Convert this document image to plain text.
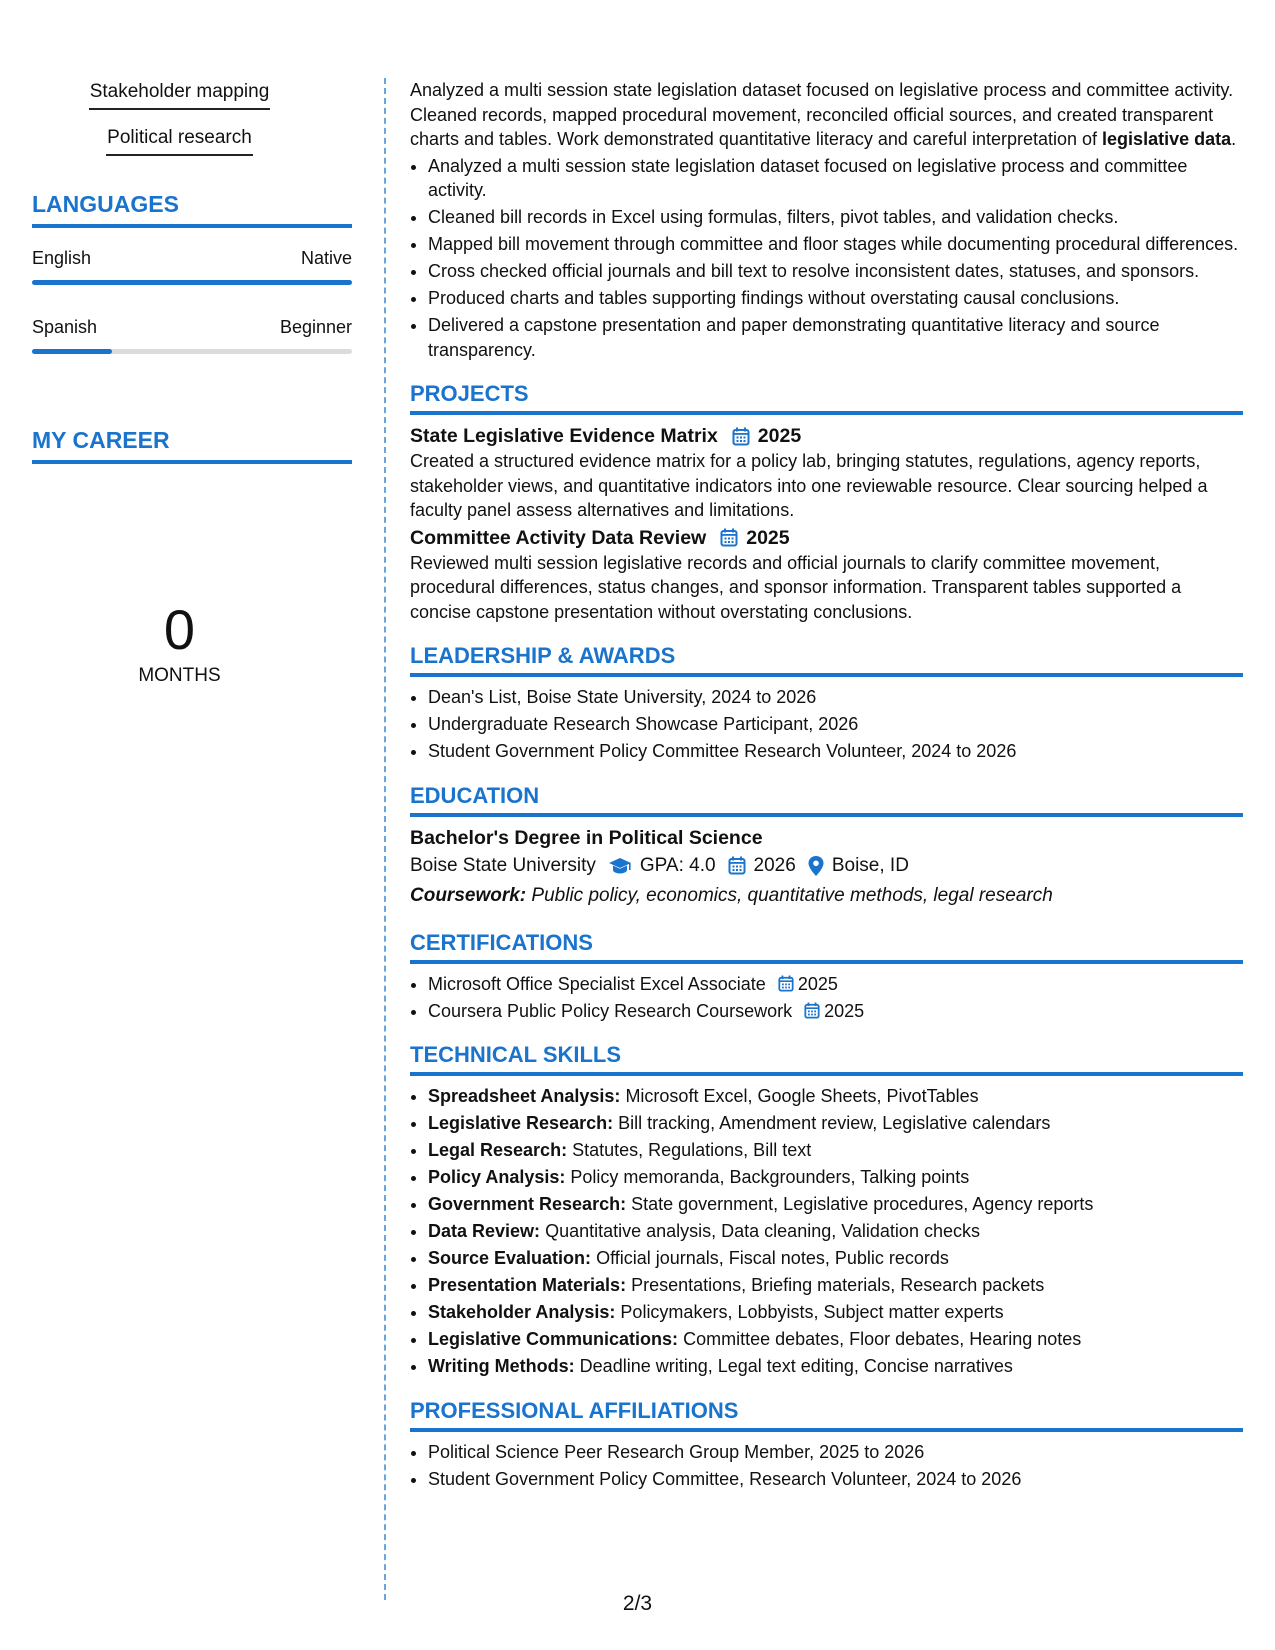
Stakeholder mapping
Political research
LANGUAGES
English	Native
Spanish	Beginner
MY CAREER
0
MONTHS

Analyzed a multi session state legislation dataset focused on legislative process and committee activity. Cleaned records, mapped procedural movement, reconciled official sources, and created transparent charts and tables. Work demonstrated quantitative literacy and careful interpretation of legislative data.

• Analyzed a multi session state legislation dataset focused on legislative process and committee activity.
• Cleaned bill records in Excel using formulas, filters, pivot tables, and validation checks.
• Mapped bill movement through committee and floor stages while documenting procedural differences.
• Cross checked official journals and bill text to resolve inconsistent dates, statuses, and sponsors.
• Produced charts and tables supporting findings without overstating causal conclusions.
• Delivered a capstone presentation and paper demonstrating quantitative literacy and source transparency.
PROJECTS
State Legislative Evidence Matrix 2025

Created a structured evidence matrix for a policy lab, bringing statutes, regulations, agency reports, stakeholder views, and quantitative indicators into one reviewable resource. Clear sourcing helped a faculty panel assess alternatives and limitations.

Committee Activity Data Review 2025

Reviewed multi session legislative records and official journals to clarify committee movement, procedural differences, status changes, and sponsor information. Transparent tables supported a concise capstone presentation without overstating conclusions.

LEADERSHIP & AWARDS
• Dean's List, Boise State University, 2024 to 2026
• Undergraduate Research Showcase Participant, 2026
• Student Government Policy Committee Research Volunteer, 2024 to 2026
EDUCATION
Bachelor's Degree in Political Science
Boise State University GPA: 4.0 2026 Boise, ID
Coursework: Public policy, economics, quantitative methods, legal research
CERTIFICATIONS
• Microsoft Office Specialist Excel Associate 2025
• Coursera Public Policy Research Coursework 2025
TECHNICAL SKILLS
• Spreadsheet Analysis: Microsoft Excel, Google Sheets, PivotTables
• Legislative Research: Bill tracking, Amendment review, Legislative calendars
• Legal Research: Statutes, Regulations, Bill text
• Policy Analysis: Policy memoranda, Backgrounders, Talking points
• Government Research: State government, Legislative procedures, Agency reports
• Data Review: Quantitative analysis, Data cleaning, Validation checks
• Source Evaluation: Official journals, Fiscal notes, Public records
• Presentation Materials: Presentations, Briefing materials, Research packets
• Stakeholder Analysis: Policymakers, Lobbyists, Subject matter experts
• Legislative Communications: Committee debates, Floor debates, Hearing notes
• Writing Methods: Deadline writing, Legal text editing, Concise narratives
PROFESSIONAL AFFILIATIONS
• Political Science Peer Research Group Member, 2025 to 2026
• Student Government Policy Committee, Research Volunteer, 2024 to 2026
2/3
